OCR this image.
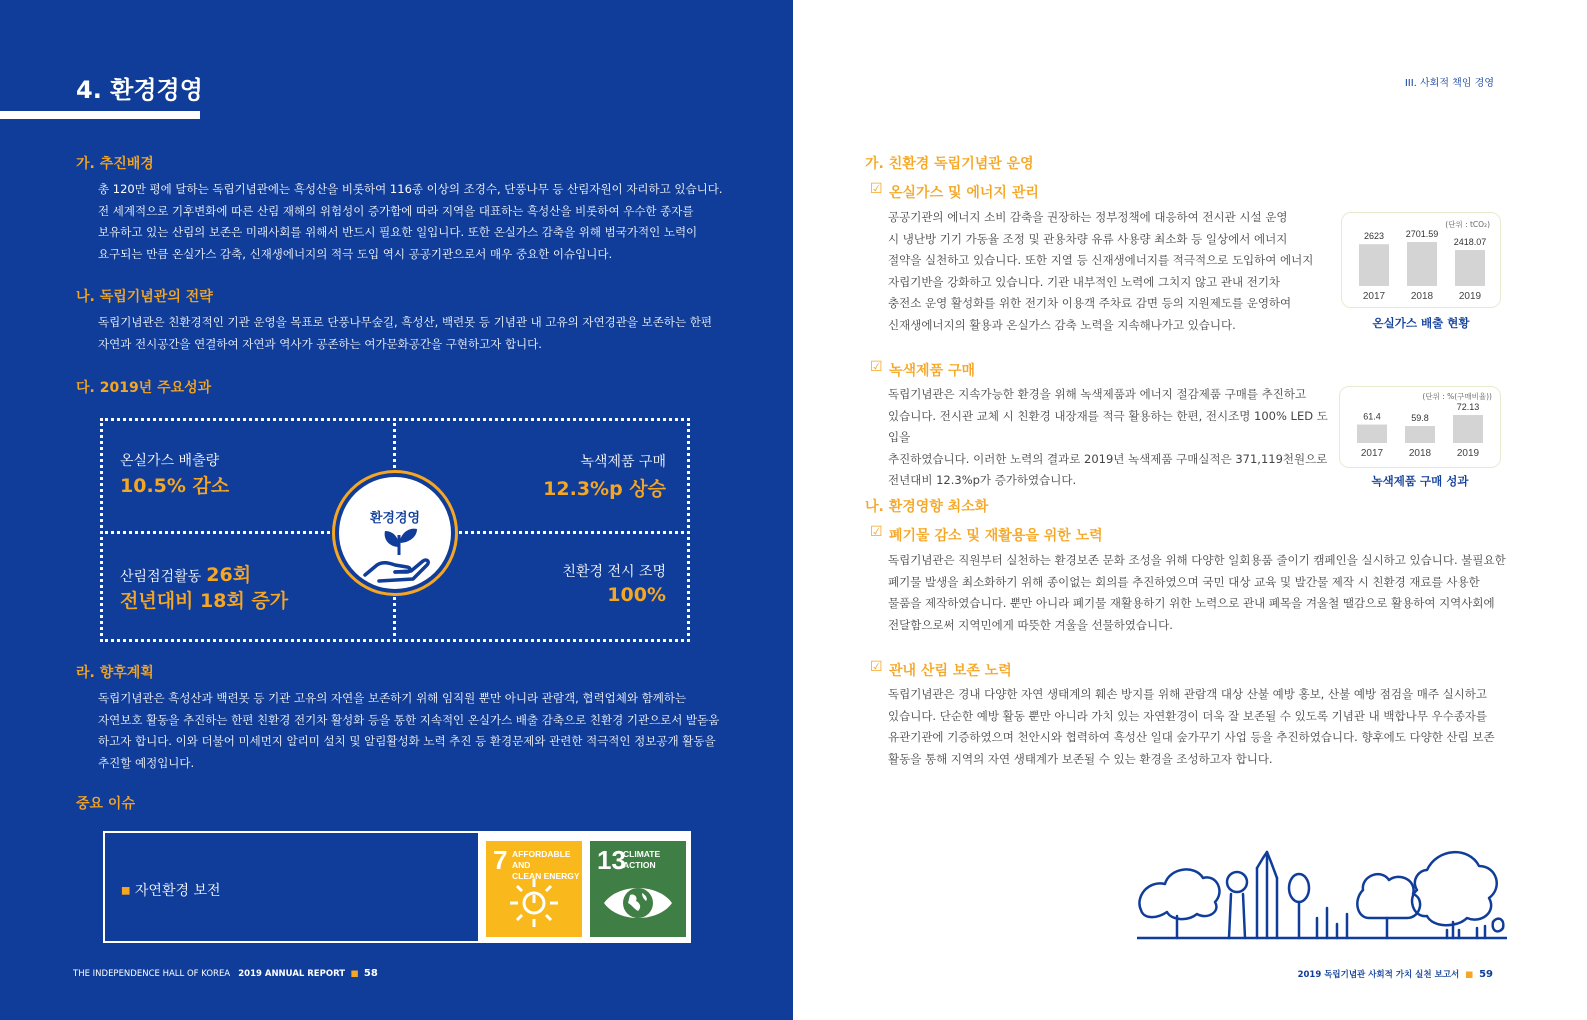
4. 환경경영
가. 추진배경
총 120만 평에 달하는 독립기념관에는 흑성산을 비롯하여 116종 이상의 조경수, 단풍나무 등 산림자원이 자리하고 있습니다.
전 세계적으로 기후변화에 따른 산림 재해의 위험성이 증가함에 따라 지역을 대표하는 흑성산을 비롯하여 우수한 종자를
보유하고 있는 산림의 보존은 미래사회를 위해서 반드시 필요한 일입니다. 또한 온실가스 감축을 위해 범국가적인 노력이
요구되는 만큼 온실가스 감축, 신재생에너지의 적극 도입 역시 공공기관으로서 매우 중요한 이슈입니다.
나. 독립기념관의 전략
독립기념관은 친환경적인 기관 운영을 목표로 단풍나무숲길, 흑성산, 백련못 등 기념관 내 고유의 자연경관을 보존하는 한편
자연과 전시공간을 연결하여 자연과 역사가 공존하는 여가문화공간을 구현하고자 합니다.
다. 2019년 주요성과
온실가스 배출량
10.5% 감소
녹색제품 구매
12.3%p 상승
산림점검활동 26회
전년대비 18회 증가
친환경 전시 조명
100%
환경경영
라. 향후계획
독립기념관은 흑성산과 백련못 등 기관 고유의 자연을 보존하기 위해 임직원 뿐만 아니라 관람객, 협력업체와 함께하는
자연보호 활동을 추진하는 한편 친환경 전기차 활성화 등을 통한 지속적인 온실가스 배출 감축으로 친환경 기관으로서 발돋움
하고자 합니다. 이와 더불어 미세먼지 알리미 설치 및 알림활성화 노력 추진 등 환경문제와 관련한 적극적인 정보공개 활동을
추진할 예정입니다.
중요 이슈
■ 자연환경 보전
7 AFFORDABLE AND
CLEAN ENERGY
13
CLIMATE
ACTION
THE INDEPENDENCE HALL OF KOREA 2019 ANNUAL REPORT ■ 58
III. 사회적 책임 경영
가. 친환경 독립기념관 운영
☑ 온실가스 및 에너지 관리
공공기관의 에너지 소비 감축을 권장하는 정부정책에 대응하여 전시관 시설 운영
시 냉난방 기기 가동율 조정 및 관용차량 유류 사용량 최소화 등 일상에서 에너지
절약을 실천하고 있습니다. 또한 지열 등 신재생에너지를 적극적으로 도입하여 에너지
자립기반을 강화하고 있습니다. 기관 내부적인 노력에 그치지 않고 관내 전기차
충전소 운영 활성화를 위한 전기차 이용객 주차료 감면 등의 지원제도를 운영하여
신재생에너지의 활용과 온실가스 감축 노력을 지속해나가고 있습니다.
(단위 : tCO₂)
2623
2017
2701.59
2018
2418.07
2019
온실가스 배출 현황
☑ 녹색제품 구매
독립기념관은 지속가능한 환경을 위해 녹색제품과 에너지 절감제품 구매를 추진하고
있습니다. 전시관 교체 시 친환경 내장재를 적극 활용하는 한편, 전시조명 100% LED 도입을
추진하였습니다. 이러한 노력의 결과로 2019년 녹색제품 구매실적은 371,119천원으로
전년대비 12.3%p가 증가하였습니다.
(단위 : %(구매비율))
61.4
2017
59.8
2018
72.13
2019
녹색제품 구매 성과
나. 환경영향 최소화
☑ 폐기물 감소 및 재활용을 위한 노력
독립기념관은 직원부터 실천하는 환경보존 문화 조성을 위해 다양한 일회용품 줄이기 캠페인을 실시하고 있습니다. 불필요한
폐기물 발생을 최소화하기 위해 종이없는 회의를 추진하였으며 국민 대상 교육 및 발간물 제작 시 친환경 재료를 사용한
물품을 제작하였습니다. 뿐만 아니라 폐기물 재활용하기 위한 노력으로 관내 폐목을 겨울철 땔감으로 활용하여 지역사회에
전달함으로써 지역민에게 따뜻한 겨울을 선물하였습니다.
☑ 관내 산림 보존 노력
독립기념관은 경내 다양한 자연 생태계의 훼손 방지를 위해 관람객 대상 산불 예방 홍보, 산불 예방 점검을 매주 실시하고
있습니다. 단순한 예방 활동 뿐만 아니라 가치 있는 자연환경이 더욱 잘 보존될 수 있도록 기념관 내 백합나무 우수종자를
유관기관에 기증하였으며 천안시와 협력하여 흑성산 일대 숲가꾸기 사업 등을 추진하였습니다. 향후에도 다양한 산림 보존
활동을 통해 지역의 자연 생태계가 보존될 수 있는 환경을 조성하고자 합니다.
2019 독립기념관 사회적 가치 실천 보고서 ■ 59
